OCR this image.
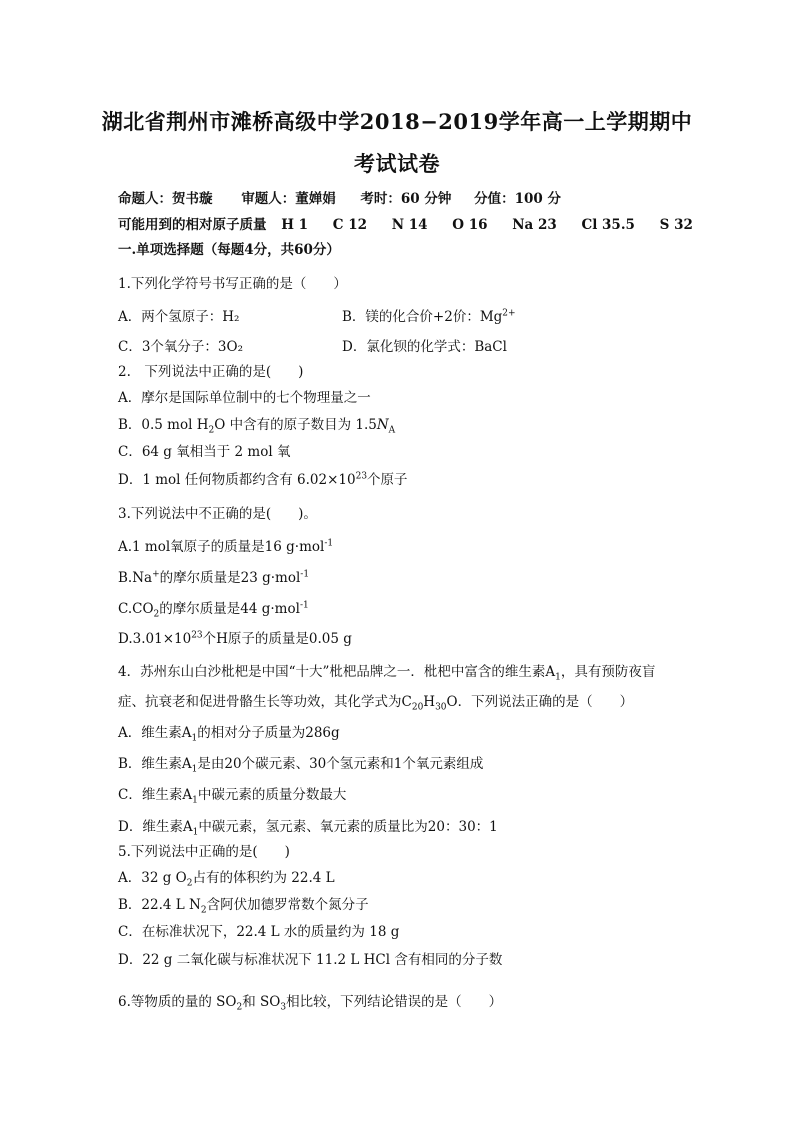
湖北省荆州市滩桥高级中学2018−2019学年高一上学期期中
考试试卷
命题人：贺书璇 审题人：董婵娟 考时：60 分钟 分值：100 分
可能用到的相对原子质量 H 1 C 12 N 14 O 16 Na 23 Cl 35.5 S 32
一.单项选择题（每题4分，共60分）
1.下列化学符号书写正确的是（　　）
A．两个氢原子：H₂	B．镁的化合价+2价：$Mg^{2+}$
C．3个氧分子：3O₂	D．氯化钡的化学式：BaCl
2.　下列说法中正确的是(　　)
A．摩尔是国际单位制中的七个物理量之一
B．0.5 mol $H_2O$ 中含有的原子数目为 $1.5N_A$
C．64 g 氧相当于 2 mol 氧
D．1 mol 任何物质都约含有 $6.02\times 10^{23}$个原子
3.下列说法中不正确的是(　　)。
A.1 mol氧原子的质量是16 g·mol$^{-1}$
B.Na+的摩尔质量是23 g·mol$^{-1}$
$C.CO_2$的摩尔质量是44 g·mol$^{-1}$
$D.3.01\times 10^{23}$个H原子的质量是0.05 g
4．苏州东山白沙枇杷是中国“十大”枇杷品牌之一．枇杷中富含的维生素$A_1$，具有预防夜盲
症、抗衰老和促进骨骼生长等功效，其化学式为$C_{20}H_{30}O$．下列说法正确的是（　　）
A．维生素$A_1$的相对分子质量为286g
B．维生素$A_1$是由20个碳元素、30个氢元素和1个氧元素组成
C．维生素$A_1$中碳元素的质量分数最大
D．维生素$A_1$中碳元素，氢元素、氧元素的质量比为20：30：1
5.下列说法中正确的是(　　)
A．32 g $O_2$占有的体积约为 22.4 L
B．22.4 L $N_2$含阿伏加德罗常数个氮分子
C．在标准状况下，22.4 L 水的质量约为 18 g
D．22 g 二氧化碳与标准状况下 11.2 L HCl 含有相同的分子数
6.等物质的量的 $SO_2$和 $SO_3$相比较，下列结论错误的是（　　）
